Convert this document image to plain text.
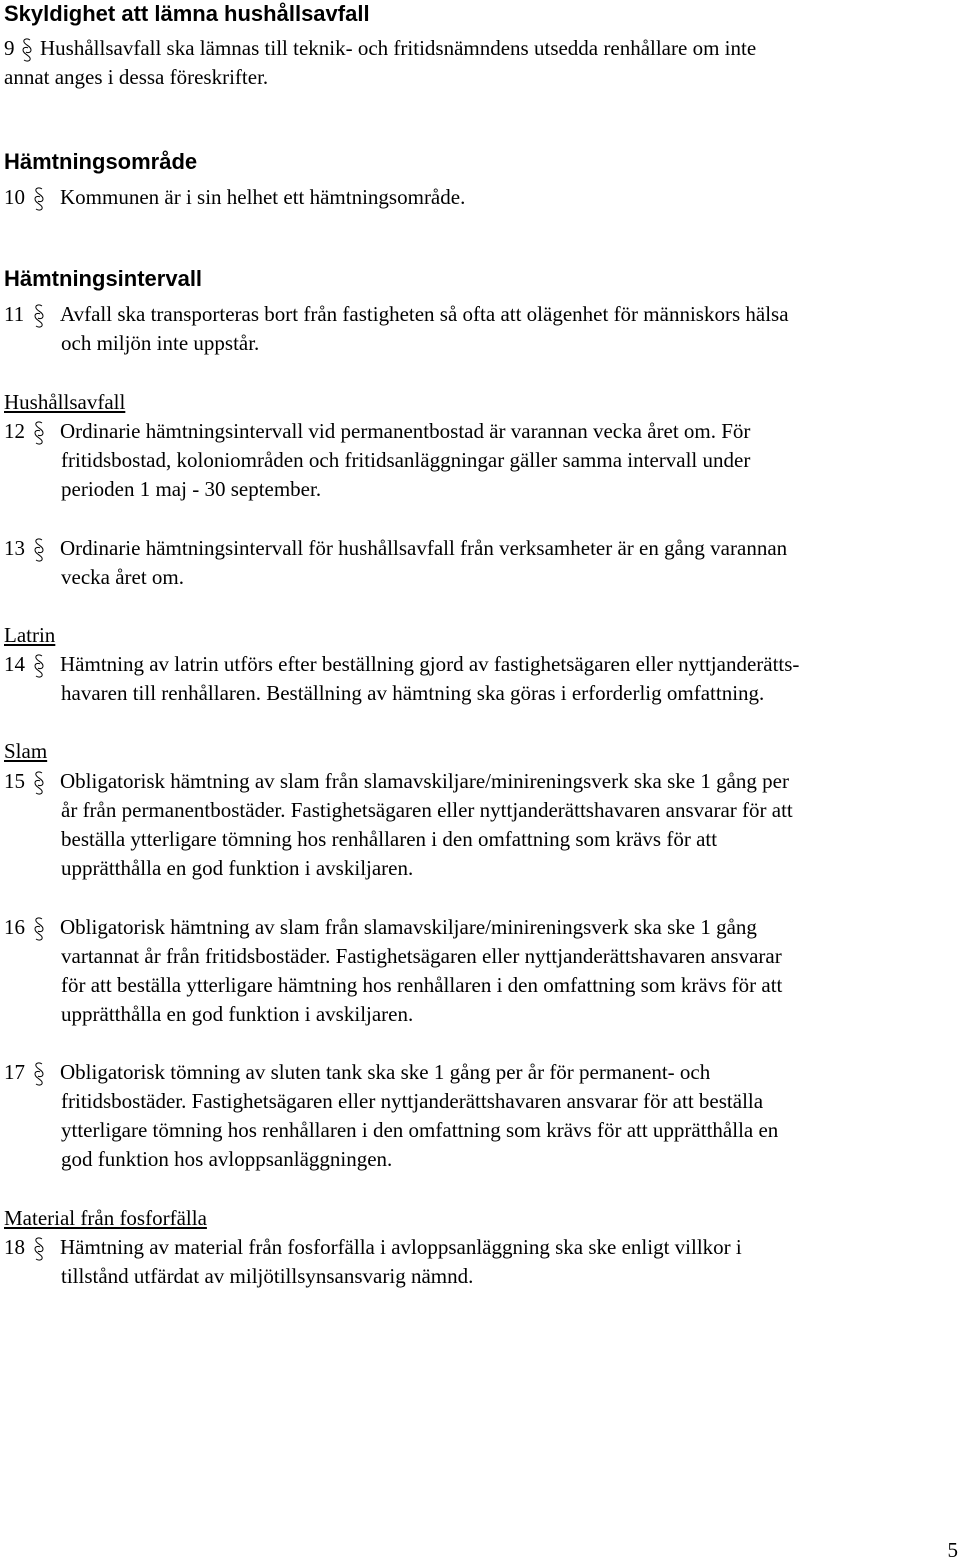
Skyldighet att lämna hushållsavfall
9	Hushållsavfall ska lämnas till teknik- och fritidsnämndens utsedda renhållare om inte
annat anges i dessa föreskrifter.
Hämtningsområde
10	Kommunen är i sin helhet ett hämtningsområde.
Hämtningsintervall
11	Avfall ska transporteras bort från fastigheten så ofta att olägenhet för människors hälsa
och miljön inte uppstår.
Hushållsavfall
12	Ordinarie hämtningsintervall vid permanentbostad är varannan vecka året om. För
fritidsbostad, koloniområden och fritidsanläggningar gäller samma intervall under
perioden 1 maj - 30 september.
13	Ordinarie hämtningsintervall för hushållsavfall från verksamheter är en gång varannan
vecka året om.
Latrin
14	Hämtning av latrin utförs efter beställning gjord av fastighetsägaren eller nyttjanderätts-
havaren till renhållaren. Beställning av hämtning ska göras i erforderlig omfattning.
Slam
15	Obligatorisk hämtning av slam från slamavskiljare/minireningsverk ska ske 1 gång per
år från permanentbostäder. Fastighetsägaren eller nyttjanderättshavaren ansvarar för att
beställa ytterligare tömning hos renhållaren i den omfattning som krävs för att
upprätthålla en god funktion i avskiljaren.
16	Obligatorisk hämtning av slam från slamavskiljare/minireningsverk ska ske 1 gång
vartannat år från fritidsbostäder. Fastighetsägaren eller nyttjanderättshavaren ansvarar
för att beställa ytterligare hämtning hos renhållaren i den omfattning som krävs för att
upprätthålla en god funktion i avskiljaren.
17	Obligatorisk tömning av sluten tank ska ske 1 gång per år för permanent- och
fritidsbostäder. Fastighetsägaren eller nyttjanderättshavaren ansvarar för att beställa
ytterligare tömning hos renhållaren i den omfattning som krävs för att upprätthålla en
god funktion hos avloppsanläggningen.
Material från fosforfälla
18	Hämtning av material från fosforfälla i avloppsanläggning ska ske enligt villkor i
tillstånd utfärdat av miljötillsynsansvarig nämnd.
5
